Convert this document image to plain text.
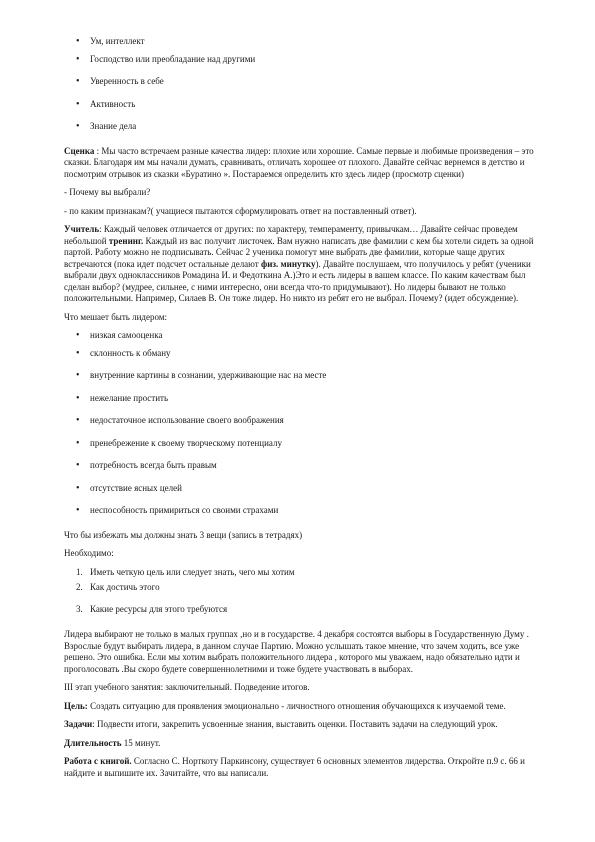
• Ум, интеллект
• Господство или преобладание над другими
• Уверенность в себе
• Активность
• Знание дела

Сценка : Мы часто встречаем разные качества лидер: плохие или хорошие. Самые первые и любимые произведения – это сказки. Благодаря им мы начали думать, сравнивать, отличать хорошее от плохого. Давайте сейчас вернемся в детство и посмотрим отрывок из сказки «Буратино ». Постараемся определить кто здесь лидер (просмотр сценки)

- Почему вы выбрали?

- по каким признакам?( учащиеся пытаются сформулировать ответ на поставленный ответ).

Учитель: Каждый человек отличается от других: по характеру, темпераменту, привычкам… Давайте сейчас проведем небольшой тренинг. Каждый из вас получит листочек. Вам нужно написать две фамилии с кем бы хотели сидеть за одной партой. Работу можно не подписывать. Сейчас 2 ученика помогут мне выбрать две фамилии, которые чаще других встречаются (пока идет подсчет остальные делают физ. минутку). Давайте послушаем, что получилось у ребят (ученики выбрали двух одноклассников Ромадина И. и Федоткина А.)Это и есть лидеры в вашем классе. По каким качествам был сделан выбор? (мудрее, сильнее, с ними интересно, они всегда что-то придумывают). Но лидеры бывают не только положительными. Например, Силаев В. Он тоже лидер. Но никто из ребят его не выбрал. Почему? (идет обсуждение).

Что мешает быть лидером:

• низкая самооценка
• склонность к обману
• внутренние картины в сознании, удерживающие нас на месте
• нежелание простить
• недостаточное использование своего воображения
• пренебрежение к своему творческому потенциалу
• потребность всегда быть правым
• отсутствие ясных целей
• неспособность примириться со своими страхами

Что бы избежать мы должны знать 3 вещи (запись в тетрадях)

Необходимо:

1. Иметь четкую цель или следует знать, чего мы хотим
2. Как достичь этого
3. Какие ресурсы для этого требуются

Лидера выбирают не только в малых группах ,но и в государстве. 4 декабря состоятся выборы в Государственную Думу . Взрослые будут выбирать лидера, в данном случае Партию. Можно услышать такое мнение, что зачем ходить, все уже решено. Это ошибка. Если мы хотим выбрать положительного лидера , которого мы уважаем, надо обязательно идти и проголосовать .Вы скоро будете совершеннолетними и тоже будете участвовать в выборах.

III этап учебного занятия: заключительный. Подведение итогов.

Цель: Создать ситуацию для проявления эмоционально - личностного отношения обучающихся к изучаемой теме.

Задачи: Подвести итоги, закрепить усвоенные знания, выставить оценки. Поставить задачи на следующий урок.

Длительность 15 минут.

Работа с книгой. Согласно С. Норткоту Паркинсону, существует 6 основных элементов лидерства. Откройте п.9 с. 66 и найдите и выпишите их. Зачитайте, что вы написали.
